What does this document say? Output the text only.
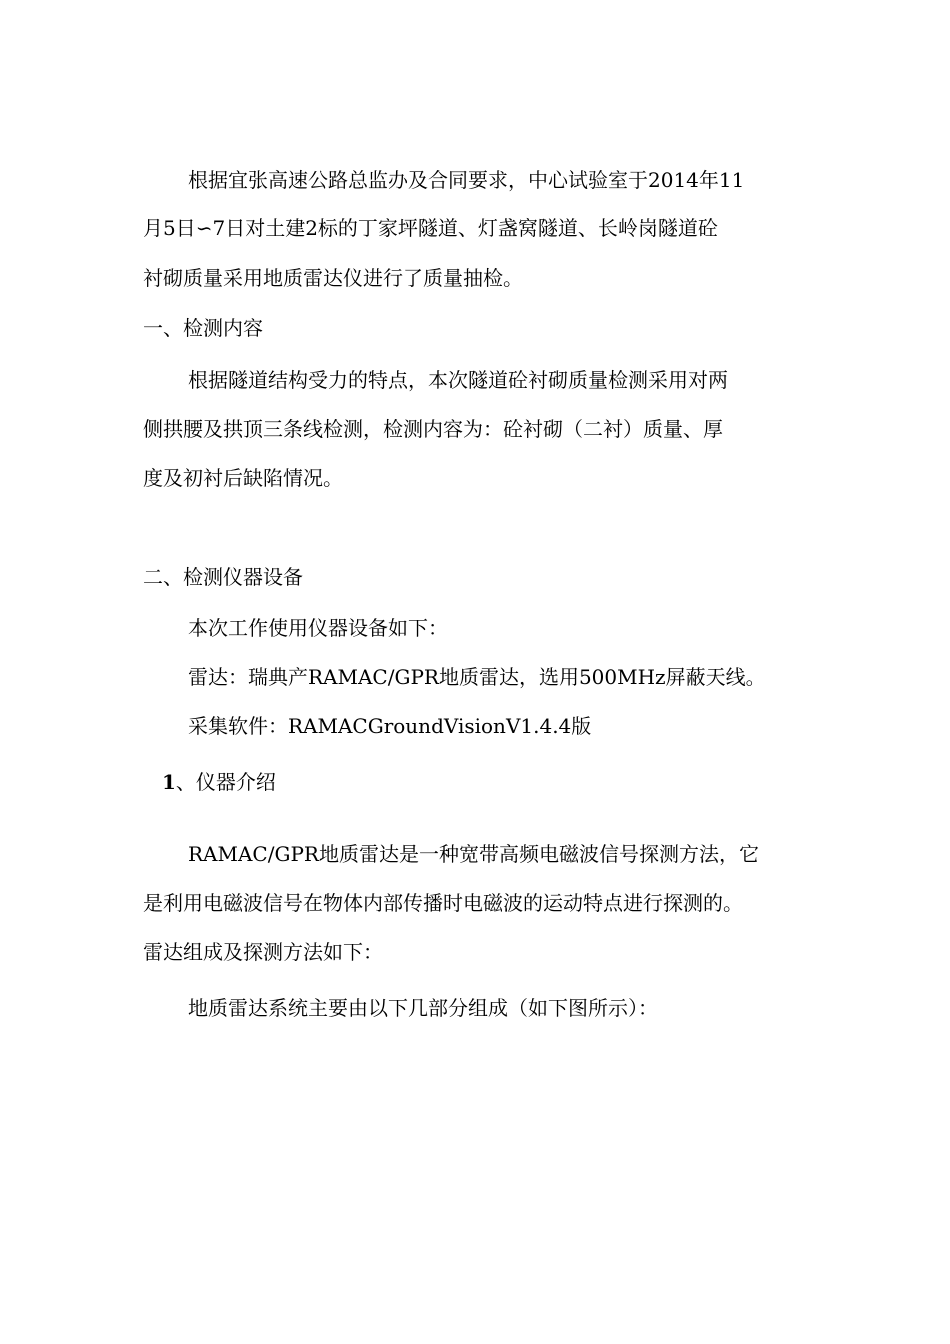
根据宜张高速公路总监办及合同要求，中心试验室于2014年11
月5日∽7日对土建2标的丁家坪隧道、灯盏窝隧道、长岭岗隧道砼
衬砌质量采用地质雷达仪进行了质量抽检。
一、检测内容
根据隧道结构受力的特点，本次隧道砼衬砌质量检测采用对两
侧拱腰及拱顶三条线检测，检测内容为：砼衬砌（二衬）质量、厚
度及初衬后缺陷情况。
二、检测仪器设备
本次工作使用仪器设备如下：
雷达：瑞典产RAMAC/GPR地质雷达，选用500MHz屏蔽天线。
采集软件：RAMACGroundVisionV1.4.4版
1、仪器介绍
RAMAC/GPR地质雷达是一种宽带高频电磁波信号探测方法，它
是利用电磁波信号在物体内部传播时电磁波的运动特点进行探测的。
雷达组成及探测方法如下：
地质雷达系统主要由以下几部分组成（如下图所示）：
